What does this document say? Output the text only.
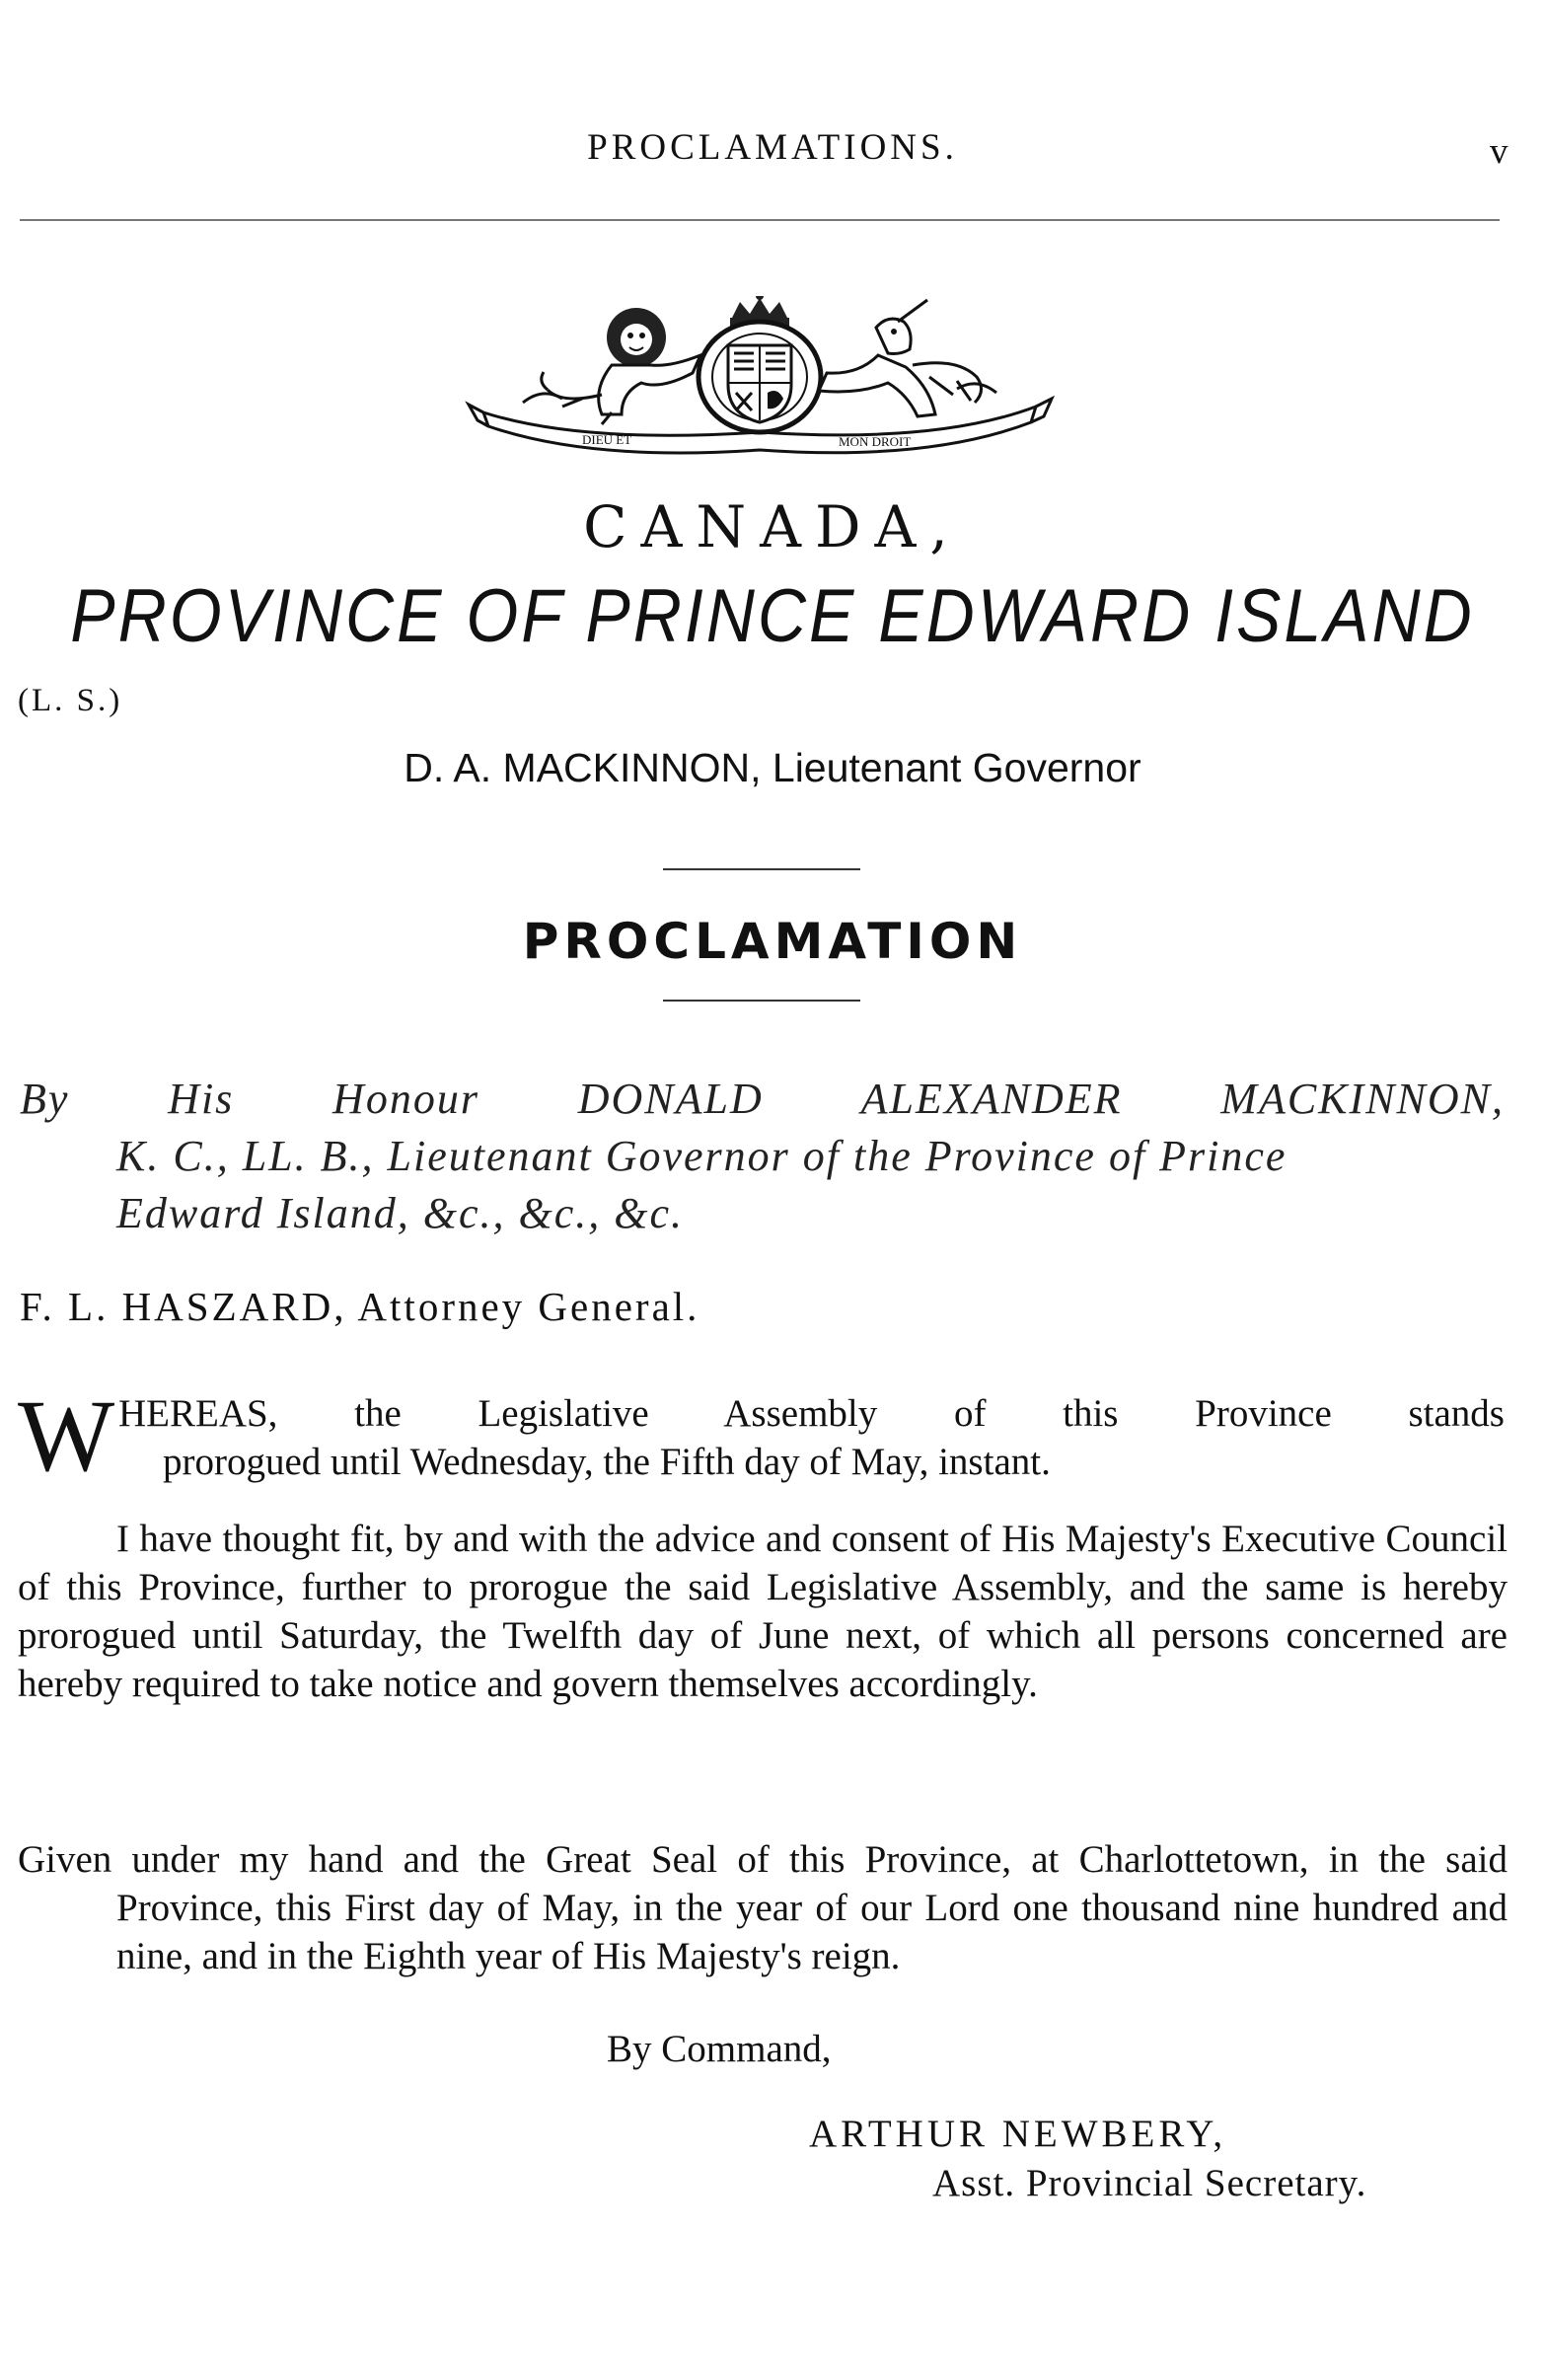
PROCLAMATIONS.	v
DIEU ET	MON DROIT
CANADA,
PROVINCE OF PRINCE EDWARD ISLAND
(L. S.)
D. A. MACKINNON, Lieutenant Governor
PROCLAMATION
By His Honour DONALD ALEXANDER MACKINNON,
K. C., LL. B., Lieutenant Governor of the Province of Prince
Edward Island, &c., &c., &c.
F. L. HASZARD, Attorney General.
W HEREAS, the Legislative Assembly of this Province stands
prorogued until Wednesday, the Fifth day of May, instant.
I have thought fit, by and with the advice and consent of His Majesty's Executive Council of this Province, further to prorogue the said Legislative Assembly, and the same is hereby prorogued until Saturday, the Twelfth day of June next, of which all persons concerned are hereby required to take notice and govern themselves accordingly.
Given under my hand and the Great Seal of this Province, at Charlottetown, in the said Province, this First day of May, in the year of our Lord one thousand nine hundred and nine, and in the Eighth year of His Majesty's reign.
By Command,
ARTHUR NEWBERY,
Asst. Provincial Secretary.
